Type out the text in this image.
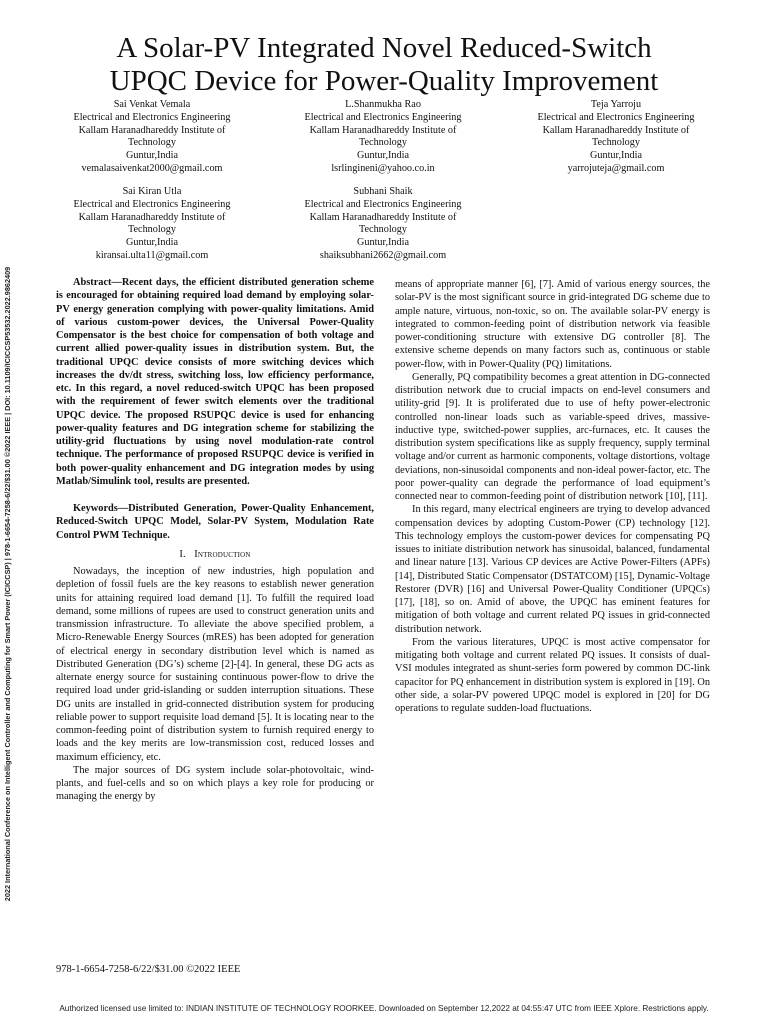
A Solar-PV Integrated Novel Reduced-Switch
UPQC Device for Power-Quality Improvement
Sai Venkat Vemala
Electrical and Electronics Engineering
Kallam Haranadhareddy Institute of
Technology
Guntur,India
vemalasaivenkat2000@gmail.com
L.Shanmukha Rao
Electrical and Electronics Engineering
Kallam Haranadhareddy Institute of
Technology
Guntur,India
lsrlingineni@yahoo.co.in
Teja Yarroju
Electrical and Electronics Engineering
Kallam Haranadhareddy Institute of
Technology
Guntur,India
yarrojuteja@gmail.com
Sai Kiran Utla
Electrical and Electronics Engineering
Kallam Haranadhareddy Institute of
Technology
Guntur,India
kiransai.ulta11@gmail.com
Subhani Shaik
Electrical and Electronics Engineering
Kallam Haranadhareddy Institute of
Technology
Guntur,India
shaiksubhani2662@gmail.com
2022 International Conference on Intelligent Controller and Computing for Smart Power (ICICCSP) | 978-1-6654-7258-6/22/$31.00 ©2022 IEEE | DOI: 10.1109/ICICCSP53532.2022.9862409	Abstract—Recent days, the efficient distributed generation scheme is encouraged for obtaining required load demand by employing solar-PV energy generation complying with power-quality limitations. Amid of various custom-power devices, the Universal Power-Quality Compensator is the best choice for compensation of both voltage and current allied power-quality issues in distribution system. But, the traditional UPQC device consists of more switching devices which increases the dv/dt stress, switching loss, low efficiency performance, etc. In this regard, a novel reduced-switch UPQC has been proposed with the requirement of fewer switch elements over the traditional UPQC device. The proposed RSUPQC device is used for enhancing power-quality features and DG integration scheme for stabilizing the utility-grid fluctuations by using novel modulation-rate control technique. The performance of proposed RSUPQC device is verified in both power-quality enhancement and DG integration modes by using Matlab/Simulink tool, results are presented.

Keywords—Distributed Generation, Power-Quality Enhancement, Reduced-Switch UPQC Model, Solar-PV System, Modulation Rate Control PWM Technique.

I. Introduction

Nowadays, the inception of new industries, high population and depletion of fossil fuels are the key reasons to establish newer generation units for attaining required load demand [1]. To fulfill the required load demand, some millions of rupees are used to construct generation units and transmission infrastructure. To alleviate the above specified problem, a Micro-Renewable Energy Sources (mRES) has been adopted for generation of electrical energy in secondary distribution level which is named as Distributed Generation (DG’s) scheme [2]-[4]. In general, these DG acts as alternate energy source for sustaining continuous power-flow to drive the required load under grid-islanding or sudden interruption situations. These DG units are installed in grid-connected distribution system for producing reliable power to support requisite load demand [5]. It is locating near to the common-feeding point of distribution system to furnish required energy to loads and the key merits are low-transmission cost, reduced losses and maximum efficiency, etc.

The major sources of DG system include solar-photovoltaic, wind-plants, and fuel-cells and so on which plays a key role for producing or managing the energy by

means of appropriate manner [6], [7]. Amid of various energy sources, the solar-PV is the most significant source in grid-integrated DG scheme due to ample nature, virtuous, non-toxic, so on. The available solar-PV energy is integrated to common-feeding point of distribution network via feasible power-conditioning structure with extensive DG controller [8]. The extensive scheme depends on many factors such as, continuous or stable power-flow, with in Power-Quality (PQ) limitations.

Generally, PQ compatibility becomes a great attention in DG-connected distribution network due to crucial impacts on end-level consumers and utility-grid [9]. It is proliferated due to use of hefty power-electronic controlled non-linear loads such as variable-speed drives, massive-inductive type, switched-power supplies, arc-furnaces, etc. It causes the distribution system specifications like as supply frequency, supply terminal voltage and/or current as harmonic components, voltage distortions, voltage deviations, non-sinusoidal components and non-ideal power-factor, etc. The poor power-quality can degrade the performance of load equipment’s connected near to common-feeding point of distribution network [10], [11].

In this regard, many electrical engineers are trying to develop advanced compensation devices by adopting Custom-Power (CP) technology [12]. This technology employs the custom-power devices for compensating PQ issues to initiate distribution network has sinusoidal, balanced, fundamental and linear nature [13]. Various CP devices are Active Power-Filters (APFs) [14], Distributed Static Compensator (DSTATCOM) [15], Dynamic-Voltage Restorer (DVR) [16] and Universal Power-Quality Conditioner (UPQCs) [17], [18], so on. Amid of above, the UPQC has eminent features for mitigation of both voltage and current related PQ issues in grid-connected distribution network.

From the various literatures, UPQC is most active compensator for mitigating both voltage and current related PQ issues. It consists of dual-VSI modules integrated as shunt-series form powered by common DC-link capacitor for PQ enhancement in distribution system is explored in [19]. On other side, a solar-PV powered UPQC model is explored in [20] for DG operations to regulate sudden-load fluctuations.

978-1-6654-7258-6/22/$31.00 ©2022 IEEE
Authorized licensed use limited to: INDIAN INSTITUTE OF TECHNOLOGY ROORKEE. Downloaded on September 12,2022 at 04:55:47 UTC from IEEE Xplore. Restrictions apply.
